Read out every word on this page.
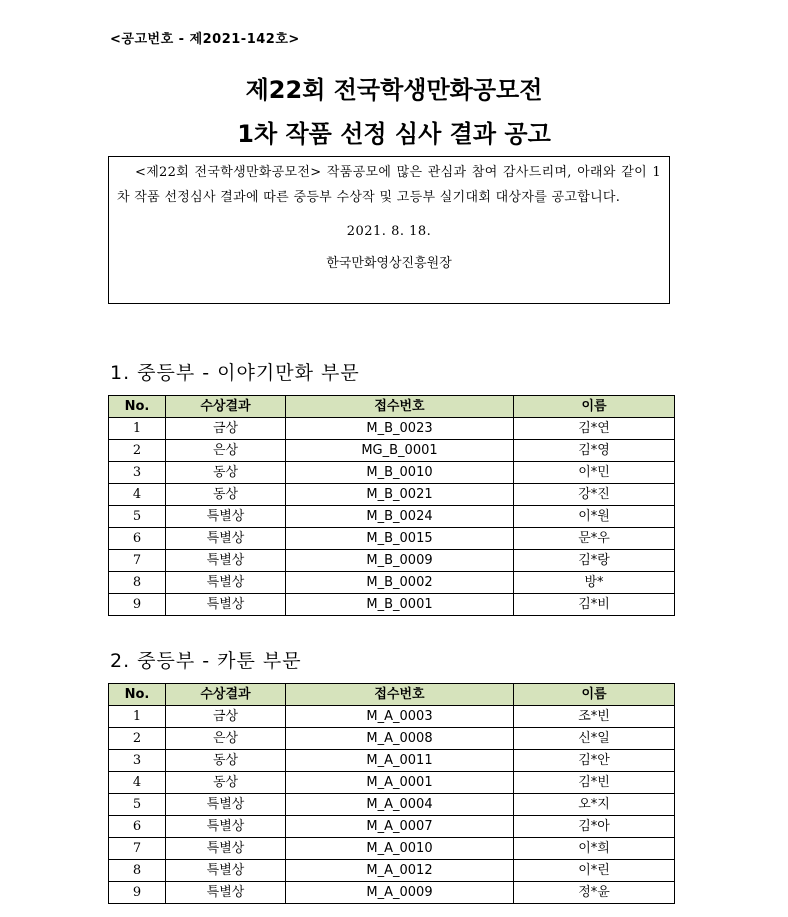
<공고번호 - 제2021-142호>
제22회 전국학생만화공모전
1차 작품 선정 심사 결과 공고
<제22회 전국학생만화공모전> 작품공모에 많은 관심과 참여 감사드리며, 아래와 같이 1차 작품 선정심사 결과에 따른 중등부 수상작 및 고등부 실기대회 대상자를 공고합니다.
2021. 8. 18.
한국만화영상진흥원장
1. 중등부 - 이야기만화 부문
No.	수상결과	접수번호	이름
1	금상	M_B_0023	김*연
2	은상	MG_B_0001	김*영
3	동상	M_B_0010	이*민
4	동상	M_B_0021	강*진
5	특별상	M_B_0024	이*원
6	특별상	M_B_0015	문*우
7	특별상	M_B_0009	김*랑
8	특별상	M_B_0002	방*
9	특별상	M_B_0001	김*비
2. 중등부 - 카툰 부문
No.	수상결과	접수번호	이름
1	금상	M_A_0003	조*빈
2	은상	M_A_0008	신*일
3	동상	M_A_0011	김*안
4	동상	M_A_0001	김*빈
5	특별상	M_A_0004	오*지
6	특별상	M_A_0007	김*아
7	특별상	M_A_0010	이*희
8	특별상	M_A_0012	이*린
9	특별상	M_A_0009	정*윤
